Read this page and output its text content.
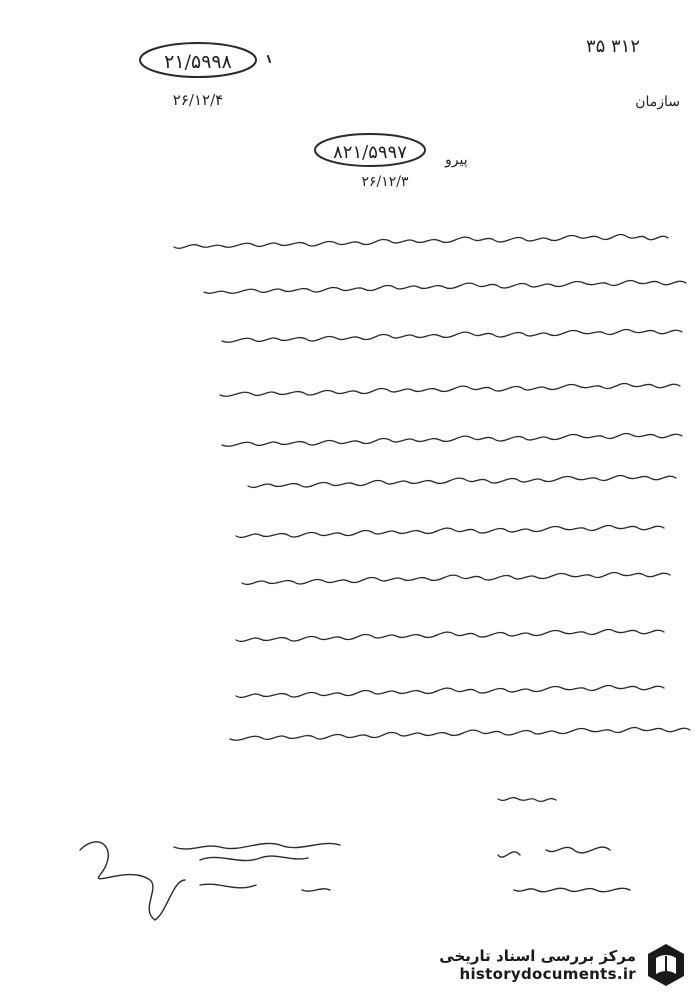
۲۱/۵۹۹۸
۲۶/۱۲/۴
۳۵ ۳۱۲
سازمان
۸۲۱/۵۹۹۷	پیرو
۲۶/۱۲/۳
مرکز بررسی اسناد تاریخی
historydocuments.ir
